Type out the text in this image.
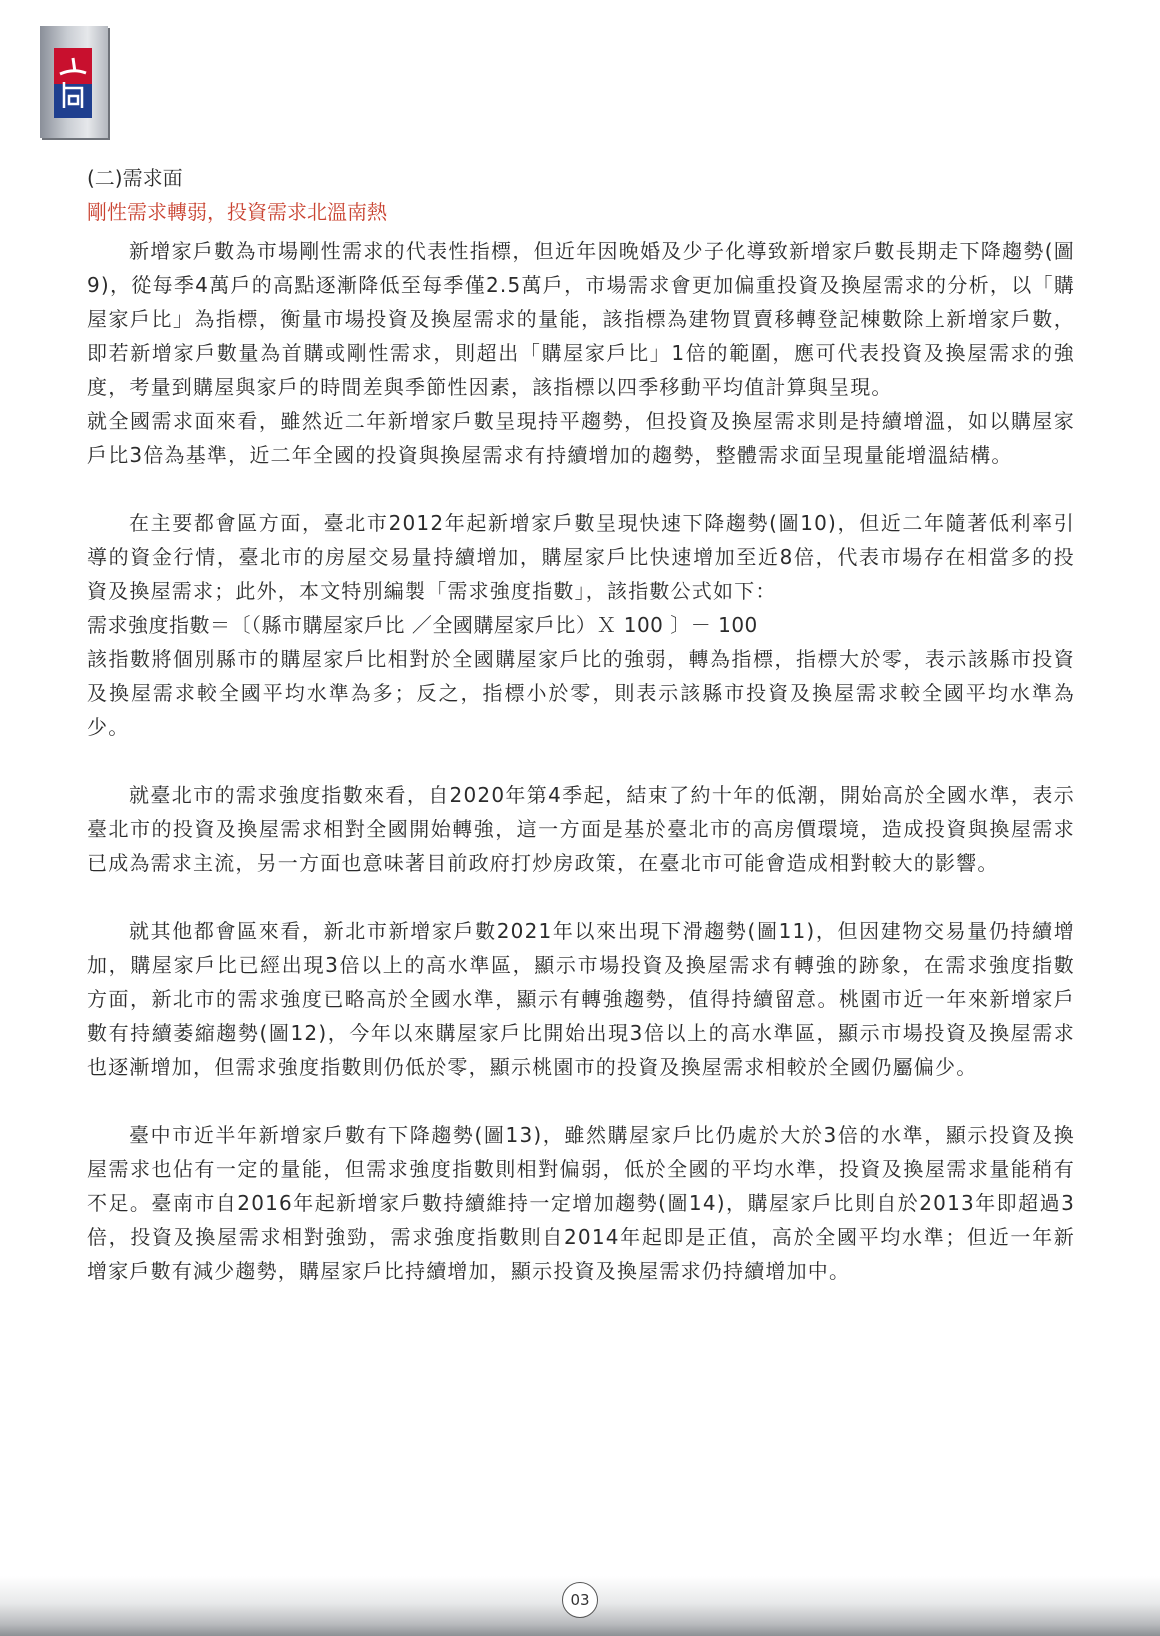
(二)需求面

剛性需求轉弱，投資需求北溫南熱

新增家戶數為市場剛性需求的代表性指標，但近年因晚婚及少子化導致新增家戶數長期走下降趨勢(圖9)，從每季4萬戶的高點逐漸降低至每季僅2.5萬戶，市場需求會更加偏重投資及換屋需求的分析，以「購屋家戶比」為指標，衡量市場投資及換屋需求的量能，該指標為建物買賣移轉登記棟數除上新增家戶數，即若新增家戶數量為首購或剛性需求，則超出「購屋家戶比」1倍的範圍，應可代表投資及換屋需求的強度，考量到購屋與家戶的時間差與季節性因素，該指標以四季移動平均值計算與呈現。

就全國需求面來看，雖然近二年新增家戶數呈現持平趨勢，但投資及換屋需求則是持續增溫，如以購屋家戶比3倍為基準，近二年全國的投資與換屋需求有持續增加的趨勢，整體需求面呈現量能增溫結構。

在主要都會區方面，臺北市2012年起新增家戶數呈現快速下降趨勢(圖10)，但近二年隨著低利率引導的資金行情，臺北市的房屋交易量持續增加，購屋家戶比快速增加至近8倍，代表市場存在相當多的投資及換屋需求；此外，本文特別編製「需求強度指數」，該指數公式如下：

需求強度指數＝〔（縣市購屋家戶比 ／全國購屋家戶比）Ｘ 100 〕－ 100

該指數將個別縣市的購屋家戶比相對於全國購屋家戶比的強弱，轉為指標，指標大於零，表示該縣市投資及換屋需求較全國平均水準為多；反之，指標小於零，則表示該縣市投資及換屋需求較全國平均水準為少。

就臺北市的需求強度指數來看，自2020年第4季起，結束了約十年的低潮，開始高於全國水準，表示臺北市的投資及換屋需求相對全國開始轉強，這一方面是基於臺北市的高房價環境，造成投資與換屋需求已成為需求主流，另一方面也意味著目前政府打炒房政策，在臺北市可能會造成相對較大的影響。

就其他都會區來看，新北市新增家戶數2021年以來出現下滑趨勢(圖11)，但因建物交易量仍持續增加，購屋家戶比已經出現3倍以上的高水準區，顯示市場投資及換屋需求有轉強的跡象，在需求強度指數方面，新北市的需求強度已略高於全國水準，顯示有轉強趨勢，值得持續留意。桃園市近一年來新增家戶數有持續萎縮趨勢(圖12)，今年以來購屋家戶比開始出現3倍以上的高水準區，顯示市場投資及換屋需求也逐漸增加，但需求強度指數則仍低於零，顯示桃園市的投資及換屋需求相較於全國仍屬偏少。

臺中市近半年新增家戶數有下降趨勢(圖13)，雖然購屋家戶比仍處於大於3倍的水準，顯示投資及換屋需求也佔有一定的量能，但需求強度指數則相對偏弱，低於全國的平均水準，投資及換屋需求量能稍有不足。臺南市自2016年起新增家戶數持續維持一定增加趨勢(圖14)，購屋家戶比則自於2013年即超過3倍，投資及換屋需求相對強勁，需求強度指數則自2014年起即是正值，高於全國平均水準；但近一年新增家戶數有減少趨勢，購屋家戶比持續增加，顯示投資及換屋需求仍持續增加中。

03
